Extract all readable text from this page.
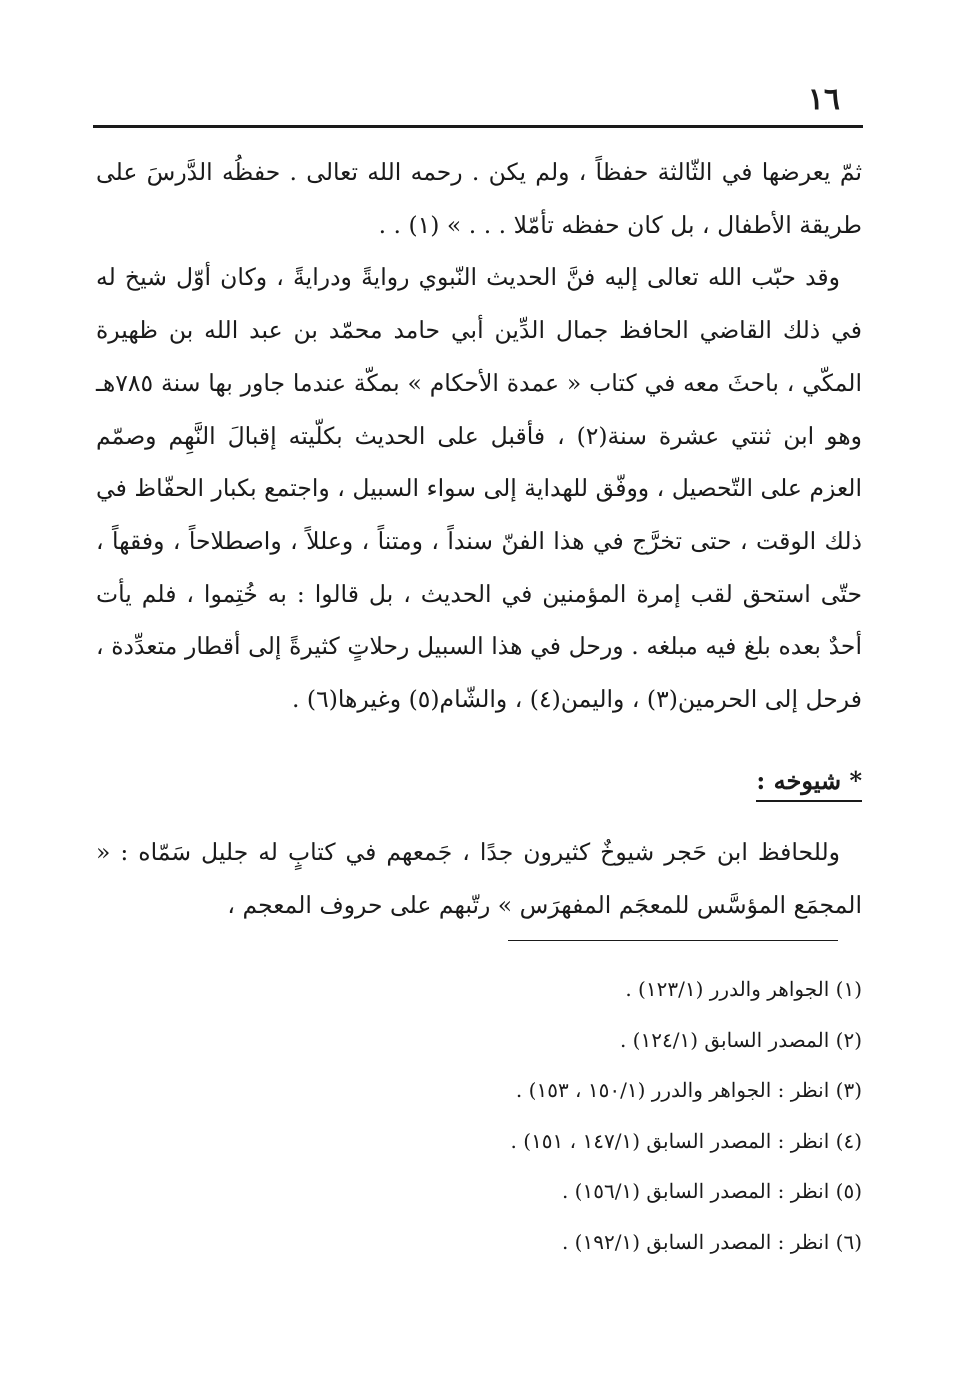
١٦

ثمّ يعرضها في الثّالثة حفظاً ، ولم يكن . رحمه الله تعالى . حفظُه الدَّرسَ على طريقة الأطفال ، بل كان حفظه تأمّلا . . . » (١) . .

وقد حبّب الله تعالى إليه فنَّ الحديث النّبوي روايةً ودرايةً ، وكان أوّل شيخ له في ذلك القاضي الحافظ جمال الدِّين أبي حامد محمّد بن عبد الله بن ظهيرة المكّي ، باحثَ معه في كتاب « عمدة الأحكام » بمكّة عندما جاور بها سنة ٧٨٥هـ وهو ابن ثنتي عشرة سنة(٢) ، فأقبل على الحديث بكلّيته إقبالَ النَّهِم وصمّم العزم على التّحصيل ، ووفّق للهداية إلى سواء السبيل ، واجتمع بكبار الحفّاظ في ذلك الوقت ، حتى تخرَّج في هذا الفنّ سنداً ، ومتناً ، وعللاً ، واصطلاحاً ، وفقهاً ، حتّى استحق لقب إمرة المؤمنين في الحديث ، بل قالوا : به خُتِموا ، فلم يأت أحدٌ بعده بلغ فيه مبلغه . ورحل في هذا السبيل رحلاتٍ كثيرةً إلى أقطار متعدِّدة ، فرحل إلى الحرمين(٣) ، واليمن(٤) ، والشّام(٥) وغيرها(٦) .

* شيوخه :

وللحافظ ابن حَجر شيوخٌ كثيرون جدًا ، جَمعهم في كتابٍ له جليل سَمّاه : « المجمَع المؤسَّس للمعجَم المفهرَس » رتّبهم على حروف المعجم ،

(١) الجواهر والدرر (١٢٣/١) .
(٢) المصدر السابق (١٢٤/١) .
(٣) انظر : الجواهر والدرر (١٥٠/١ ، ١٥٣) .
(٤) انظر : المصدر السابق (١٤٧/١ ، ١٥١) .
(٥) انظر : المصدر السابق (١٥٦/١) .
(٦) انظر : المصدر السابق (١٩٢/١) .
